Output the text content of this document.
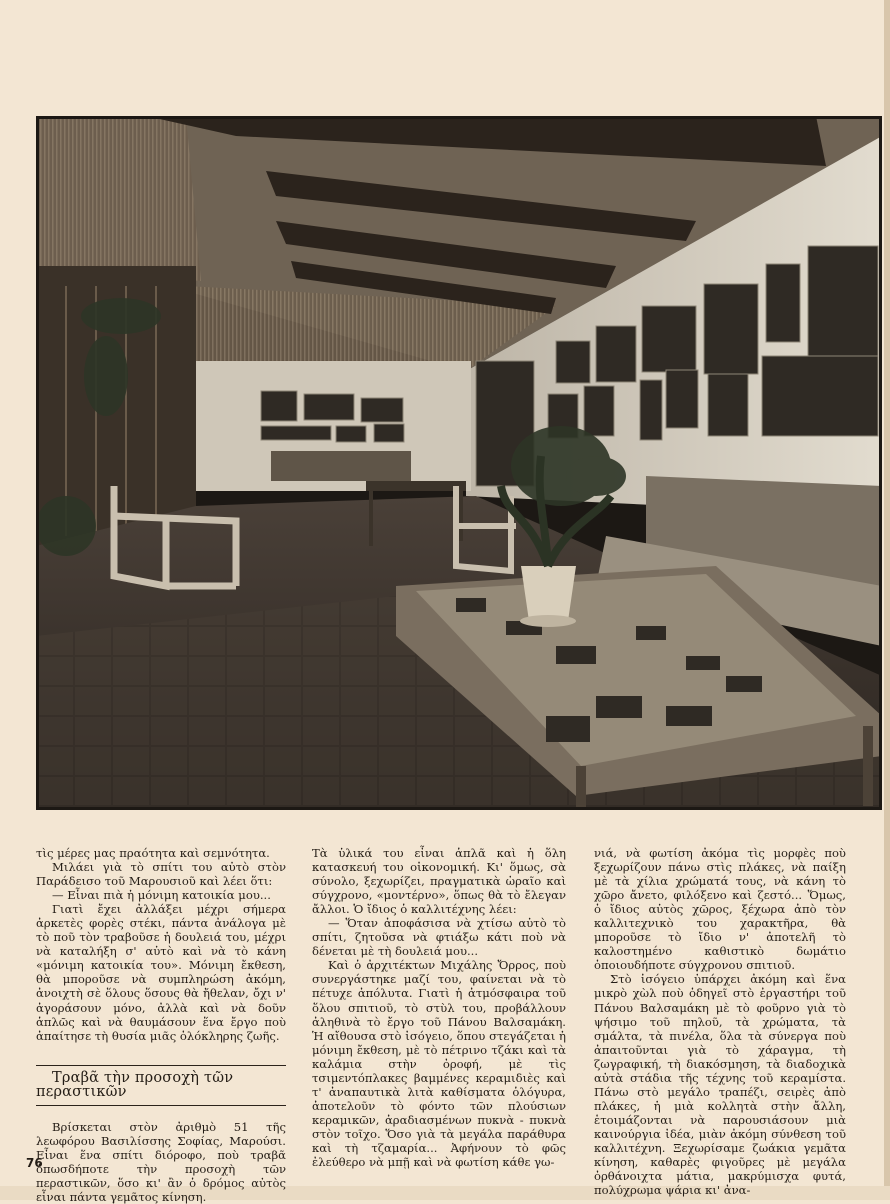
τὶς μέρες μας πραότητα καὶ σεμνότητα.

Μιλάει γιὰ τὸ σπίτι του αὐτὸ στὸν Παράδεισο τοῦ Μαρουσιοῦ καὶ λέει ὅτι:

— Εἶναι πιὰ ἡ μόνιμη κατοικία μου...

Γιατὶ ἔχει ἀλλάξει μέχρι σήμερα ἀρκετὲς φορὲς στέκι, πάντα ἀνάλογα μὲ τὸ ποῦ τὸν τραβοῦσε ἡ δουλειά του, μέχρι νὰ καταλήξη σ' αὐτὸ καὶ νὰ τὸ κάνη «μόνιμη κατοικία του». Μόνιμη ἔκθεση, θὰ μποροῦσε νὰ συμπληρώση ἀκόμη, ἀνοιχτὴ σὲ ὅλους ὅσους θὰ ἤθελαν, ὄχι ν' ἀγοράσουν μόνο, ἀλλὰ καὶ νὰ δοῦν ἁπλῶς καὶ νὰ θαυμάσουν ἕνα ἔργο ποὺ ἀπαίτησε τὴ θυσία μιᾶς ὁλόκληρης ζωῆς.

Τραβᾶ τὴν προσοχὴ τῶν περαστικῶν

Βρίσκεται στὸν ἀριθμὸ 51 τῆς λεωφόρου Βασιλίσσης Σοφίας, Μαρούσι. Εἶναι ἕνα σπίτι διόροφο, ποὺ τραβᾶ ὁπωσδήποτε τὴν προσοχὴ τῶν περαστικῶν, ὅσο κι' ἂν ὁ δρόμος αὐτὸς εἶναι πάντα γεμᾶτος κίνηση.

Τὰ ὑλικά του εἶναι ἁπλᾶ καὶ ἡ ὅλη κατασκευή του οἰκονομική. Κι' ὅμως, σὰ σύνολο, ξεχωρίζει, πραγματικὰ ὡραῖο καὶ σύγχρονο, «μοντέρνο», ὅπως θὰ τὸ ἔλεγαν ἄλλοι. Ὁ ἴδιος ὁ καλλιτέχνης λέει:

— Ὅταν ἀποφάσισα νὰ χτίσω αὐτὸ τὸ σπίτι, ζητοῦσα νὰ φτιάξω κάτι ποὺ νὰ δένεται μὲ τὴ δουλειά μου...

Καὶ ὁ ἀρχιτέκτων Μιχάλης Ὄρρος, ποὺ συνεργάστηκε μαζί του, φαίνεται νὰ τὸ πέτυχε ἀπόλυτα. Γιατὶ ἡ ἀτμόσφαιρα τοῦ ὅλου σπιτιοῦ, τὸ στὺλ του, προβάλλουν ἀληθινὰ τὸ ἔργο τοῦ Πάνου Βαλσαμάκη. Ἡ αἴθουσα στὸ ἰσόγειο, ὅπου στεγάζεται ἡ μόνιμη ἔκθεση, μὲ τὸ πέτρινο τζάκι καὶ τὰ καλάμια στὴν ὀροφή, μὲ τὶς τσιμεντόπλακες βαμμένες κεραμιδιὲς καὶ τ' ἀναπαυτικὰ λιτὰ καθίσματα ὁλόγυρα, ἀποτελοῦν τὸ φόντο τῶν πλούσιων κεραμικῶν, ἀραδιασμένων πυκνὰ - πυκνὰ στὸν τοῖχο. Ὅσο γιὰ τὰ μεγάλα παράθυρα καὶ τὴ τζαμαρία... Ἀφήνουν τὸ φῶς ἐλεύθερο νὰ μπῇ καὶ νὰ φωτίση κάθε γω-

νιά, νὰ φωτίση ἀκόμα τὶς μορφὲς ποὺ ξεχωρίζουν πάνω στὶς πλάκες, νὰ παίξη μὲ τὰ χίλια χρώματά τους, νὰ κάνη τὸ χῶρο ἄνετο, φιλόξενο καὶ ζεστό... Ὅμως, ὁ ἴδιος αὐτὸς χῶρος, ξέχωρα ἀπὸ τὸν καλλιτεχνικὸ του χαρακτῆρα, θὰ μποροῦσε τὸ ἴδιο ν' ἀποτελῆ τὸ καλοστημένο καθιστικὸ δωμάτιο ὁποιουδήποτε σύγχρονου σπιτιοῦ.

Στὸ ἰσόγειο ὑπάρχει ἀκόμη καὶ ἕνα μικρὸ χὼλ ποὺ ὁδηγεῖ στὸ ἐργαστήρι τοῦ Πάνου Βαλσαμάκη μὲ τὸ φοῦρνο γιὰ τὸ ψήσιμο τοῦ πηλοῦ, τὰ χρώματα, τὰ σμάλτα, τὰ πινέλα, ὅλα τὰ σύνεργα ποὺ ἀπαιτοῦνται γιὰ τὸ χάραγμα, τὴ ζωγραφική, τὴ διακόσμηση, τὰ διαδοχικὰ αὐτὰ στάδια τῆς τέχνης τοῦ κεραμίστα. Πάνω στὸ μεγάλο τραπέζι, σειρὲς ἀπὸ πλάκες, ἡ μιὰ κολλητὰ στὴν ἄλλη, ἑτοιμάζονται νὰ παρουσιάσουν μιὰ καινούργια ἰδέα, μιὰν ἀκόμη σύνθεση τοῦ καλλιτέχνη. Ξεχωρίσαμε ζωάκια γεμᾶτα κίνηση, καθαρὲς φιγοῦρες μὲ μεγάλα ὀρθάνοιχτα μάτια, μακρύμισχα φυτά, πολύχρωμα ψάρια κι' ἀνα-

76
